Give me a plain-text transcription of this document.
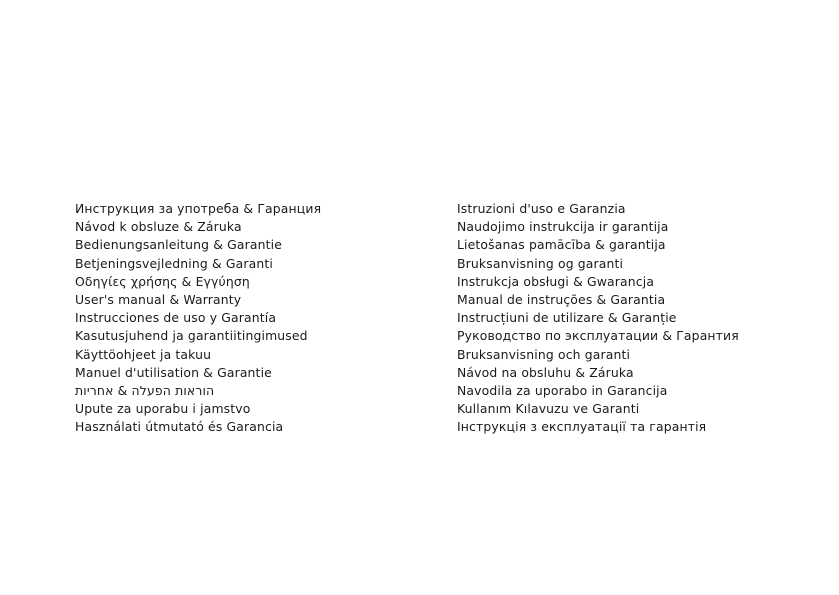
Инструкция за употреба & Гаранция
Návod k obsluze & Záruka
Bedienungsanleitung & Garantie
Betjeningsvejledning & Garanti
Οδηγίες χρήσης & Εγγύηση
User's manual & Warranty
Instrucciones de uso y Garantía
Kasutusjuhend ja garantiitingimused
Käyttöohjeet ja takuu
Manuel d'utilisation & Garantie
הוראות הפעלה & אחריות
Upute za uporabu i jamstvo
Használati útmutató és Garancia
Istruzioni d'uso e Garanzia
Naudojimo instrukcija ir garantija
Lietošanas pamācība & garantija
Bruksanvisning og garanti
Instrukcja obsługi & Gwarancja
Manual de instruções & Garantia
Instrucțiuni de utilizare & Garanție
Руководство по эксплуатации & Гарантия
Bruksanvisning och garanti
Návod na obsluhu & Záruka
Navodila za uporabo in Garancija
Kullanım Kılavuzu ve Garanti
Інструкція з експлуатації та гарантія
